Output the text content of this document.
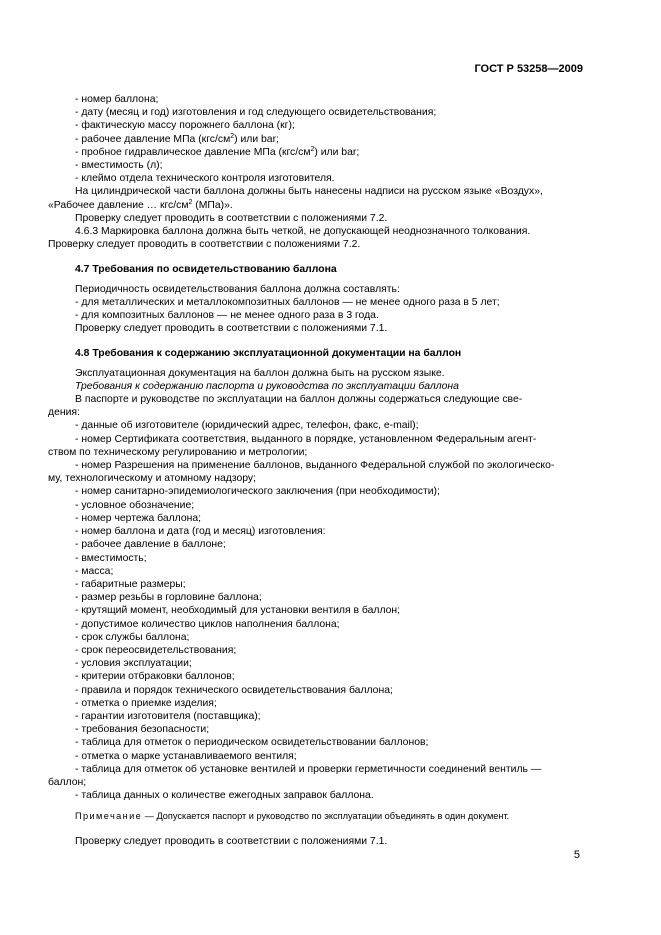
ГОСТ Р 53258—2009

- номер баллона;

- дату (месяц и год) изготовления и год следующего освидетельствования;

- фактическую массу порожнего баллона (кг);

- рабочее давление МПа $(кгс/см^2)$ или bar;

- пробное гидравлическое давление МПа $(кгс/см^2)$ или bar;

- вместимость (л);

- клеймо отдела технического контроля изготовителя.

На цилиндрической части баллона должны быть нанесены надписи на русском языке «Воздух»,

«Рабочее давление … кгс/$см^2$ (МПа)».

Проверку следует проводить в соответствии с положениями 7.2.

4.6.3 Маркировка баллона должна быть четкой, не допускающей неоднозначного толкования.

Проверку следует проводить в соответствии с положениями 7.2.

4.7 Требования по освидетельствованию баллона

Периодичность освидетельствования баллона должна составлять:

- для металлических и металлокомпозитных баллонов — не менее одного раза в 5 лет;

- для композитных баллонов — не менее одного раза в 3 года.

Проверку следует проводить в соответствии с положениями 7.1.

4.8 Требования к содержанию эксплуатационной документации на баллон

Эксплуатационная документация на баллон должна быть на русском языке.

Требования к содержанию паспорта и руководства по эксплуатации баллона

В паспорте и руководстве по эксплуатации на баллон должны содержаться следующие све-

дения:

- данные об изготовителе (юридический адрес, телефон, факс, e-mail);

- номер Сертификата соответствия, выданного в порядке, установленном Федеральным агент-

ством по техническому регулированию и метрологии;

- номер Разрешения на применение баллонов, выданного Федеральной службой по экологическо-

му, технологическому и атомному надзору;

- номер санитарно-эпидемиологического заключения (при необходимости);

- условное обозначение;

- номер чертежа баллона;

- номер баллона и дата (год и месяц) изготовления:

- рабочее давление в баллоне;

- вместимость;

- масса;

- габаритные размеры;

- размер резьбы в горловине баллона;

- крутящий момент, необходимый для установки вентиля в баллон;

- допустимое количество циклов наполнения баллона;

- срок службы баллона;

- срок переосвидетельствования;

- условия эксплуатации;

- критерии отбраковки баллонов;

- правила и порядок технического освидетельствования баллона;

- отметка о приемке изделия;

- гарантии изготовителя (поставщика);

- требования безопасности;

- таблица для отметок о периодическом освидетельствовании баллонов;

- отметка о марке устанавливаемого вентиля;

- таблица для отметок об установке вентилей и проверки герметичности соединений вентиль —

баллон;

- таблица данных о количестве ежегодных заправок баллона.

Примечание — Допускается паспорт и руководство по эксплуатации объединять в один документ.

Проверку следует проводить в соответствии с положениями 7.1.

5
